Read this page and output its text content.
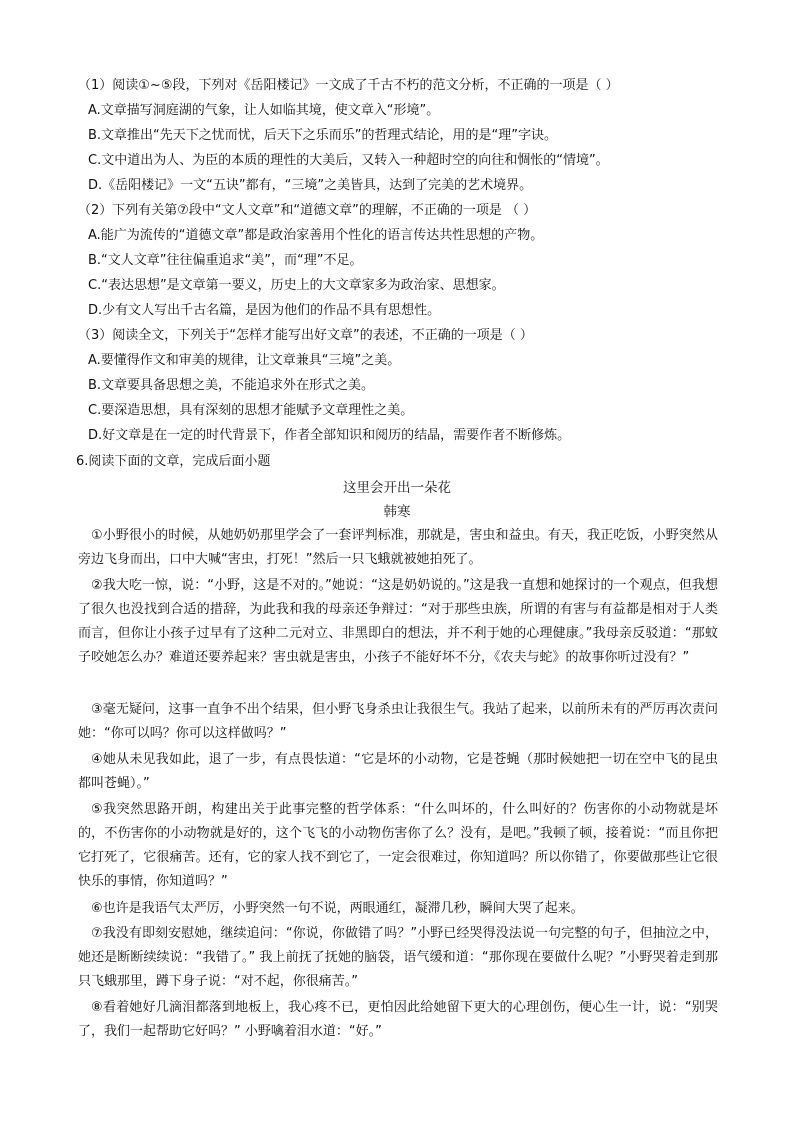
（1）阅读①~⑤段，下列对《岳阳楼记》一文成了千古不朽的范文分析，不正确的一项是（ ）
A.文章描写洞庭湖的气象，让人如临其境，使文章入“形境”。
B.文章推出“先天下之忧而忧，后天下之乐而乐”的哲理式结论，用的是“理”字诀。
C.文中道出为人、为臣的本质的理性的大美后，又转入一种超时空的向往和惆怅的“情境”。
D.《岳阳楼记》一文“五诀”都有，“三境”之美皆具，达到了完美的艺术境界。
（2）下列有关第⑦段中“文人文章”和“道德文章”的理解，不正确的一项是 （ ）
A.能广为流传的“道德文章”都是政治家善用个性化的语言传达共性思想的产物。
B.“文人文章”往往偏重追求“美”，而“理”不足。
C.“表达思想”是文章第一要义，历史上的大文章家多为政治家、思想家。
D.少有文人写出千古名篇，是因为他们的作品不具有思想性。
（3）阅读全文，下列关于“怎样才能写出好文章”的表述，不正确的一项是（ ）
A.要懂得作文和审美的规律，让文章兼具“三境”之美。
B.文章要具备思想之美，不能追求外在形式之美。
C.要深造思想，具有深刻的思想才能赋予文章理性之美。
D.好文章是在一定的时代背景下，作者全部知识和阅历的结晶，需要作者不断修炼。
6.阅读下面的文章，完成后面小题
这里会开出一朵花
韩寒
①小野很小的时候，从她奶奶那里学会了一套评判标准，那就是，害虫和益虫。有天，我正吃饭，小野突然从旁边飞身而出，口中大喊“害虫，打死！”然后一只飞蛾就被她拍死了。
②我大吃一惊，说：“小野，这是不对的。”她说：“这是奶奶说的。”这是我一直想和她探讨的一个观点，但我想了很久也没找到合适的措辞，为此我和我的母亲还争辩过：“对于那些虫族，所谓的有害与有益都是相对于人类而言，但你让小孩子过早有了这种二元对立、非黑即白的想法，并不利于她的心理健康。”我母亲反驳道：“那蚊子咬她怎么办？难道还要养起来？害虫就是害虫，小孩子不能好坏不分，《农夫与蛇》的故事你听过没有？”
③毫无疑问，这事一直争不出个结果，但小野飞身杀虫让我很生气。我站了起来，以前所未有的严厉再次责问她：“你可以吗？你可以这样做吗？”
④她从未见我如此，退了一步，有点畏怯道：“它是坏的小动物，它是苍蝇（那时候她把一切在空中飞的昆虫都叫苍蝇）。”
⑤我突然思路开朗，构建出关于此事完整的哲学体系：“什么叫坏的，什么叫好的？伤害你的小动物就是坏的，不伤害你的小动物就是好的，这个飞飞的小动物伤害你了么？没有，是吧。”我顿了顿，接着说：“而且你把它打死了，它很痛苦。还有，它的家人找不到它了，一定会很难过，你知道吗？所以你错了，你要做那些让它很快乐的事情，你知道吗？”
⑥也许是我语气太严厉，小野突然一句不说，两眼通红，凝滞几秒，瞬间大哭了起来。
⑦我没有即刻安慰她，继续追问：“你说，你做错了吗？”小野已经哭得没法说一句完整的句子，但抽泣之中，她还是断断续续说：“我错了。” 我上前抚了抚她的脑袋，语气缓和道：“那你现在要做什么呢？”小野哭着走到那只飞蛾那里，蹲下身子说：“对不起，你很痛苦。”
⑧看着她好几滴泪都落到地板上，我心疼不已，更怕因此给她留下更大的心理创伤，便心生一计，说：“别哭了，我们一起帮助它好吗？” 小野噙着泪水道：“好。”
